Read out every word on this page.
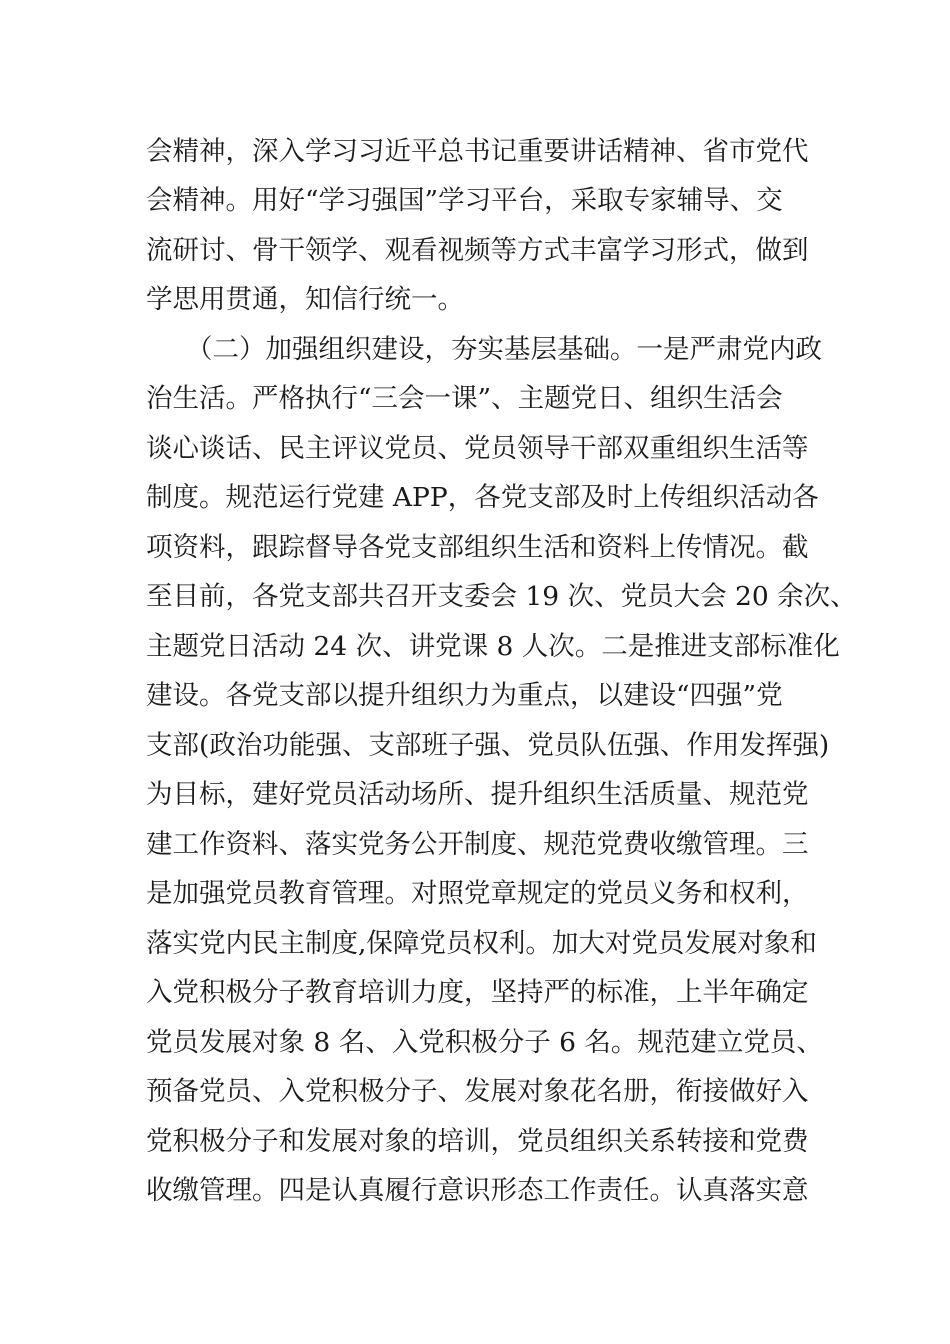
会精神，深入学习习近平总书记重要讲话精神、省市党代
会精神。用好“学习强国”学习平台，采取专家辅导、交
流研讨、骨干领学、观看视频等方式丰富学习形式，做到
学思用贯通，知信行统一。
（二）加强组织建设，夯实基层基础。一是严肃党内政
治生活。严格执行“三会一课”、主题党日、组织生活会
谈心谈话、民主评议党员、党员领导干部双重组织生活等
制度。规范运行党建 APP，各党支部及时上传组织活动各
项资料，跟踪督导各党支部组织生活和资料上传情况。截
至目前，各党支部共召开支委会 19 次、党员大会 20 余次、
主题党日活动 24 次、讲党课 8 人次。二是推进支部标准化
建设。各党支部以提升组织力为重点，以建设“四强”党
支部(政治功能强、支部班子强、党员队伍强、作用发挥强)
为目标，建好党员活动场所、提升组织生活质量、规范党
建工作资料、落实党务公开制度、规范党费收缴管理。三
是加强党员教育管理。对照党章规定的党员义务和权利，
落实党内民主制度,保障党员权利。加大对党员发展对象和
入党积极分子教育培训力度，坚持严的标准，上半年确定
党员发展对象 8 名、入党积极分子 6 名。规范建立党员、
预备党员、入党积极分子、发展对象花名册，衔接做好入
党积极分子和发展对象的培训，党员组织关系转接和党费
收缴管理。四是认真履行意识形态工作责任。认真落实意
